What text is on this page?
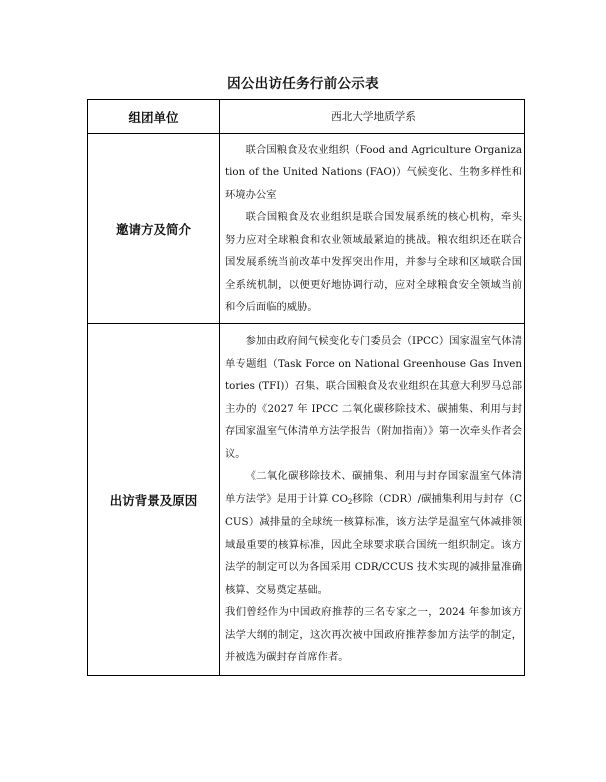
因公出访任务行前公示表
组团单位	西北大学地质学系
邀请方及简介	联合国粮食及农业组织（Food and Agriculture Organization of the United Nations (FAO)）气候变化、生物多样性和环境办公室

联合国粮食及农业组织是联合国发展系统的核心机构，牵头努力应对全球粮食和农业领域最紧迫的挑战。粮农组织还在联合国发展系统当前改革中发挥突出作用，并参与全球和区域联合国全系统机制，以便更好地协调行动，应对全球粮食安全领域当前和今后面临的威胁。

出访背景及原因	参加由政府间气候变化专门委员会（IPCC）国家温室气体清单专题组（Task Force on National Greenhouse Gas Inventories (TFI)）召集、联合国粮食及农业组织在其意大利罗马总部主办的《2027 年 IPCC 二氧化碳移除技术、碳捕集、利用与封存国家温室气体清单方法学报告（附加指南）》第一次牵头作者会议。

《二氧化碳移除技术、碳捕集、利用与封存国家温室气体清单方法学》是用于计算 $CO_2$移除（CDR）/碳捕集利用与封存（CCUS）减排量的全球统一核算标准，该方法学是温室气体减排领域最重要的核算标准，因此全球要求联合国统一组织制定。该方法学的制定可以为各国采用 CDR/CCUS 技术实现的减排量准确核算、交易奠定基础。

我们曾经作为中国政府推荐的三名专家之一，2024 年参加该方法学大纲的制定，这次再次被中国政府推荐参加方法学的制定，并被选为碳封存首席作者。
